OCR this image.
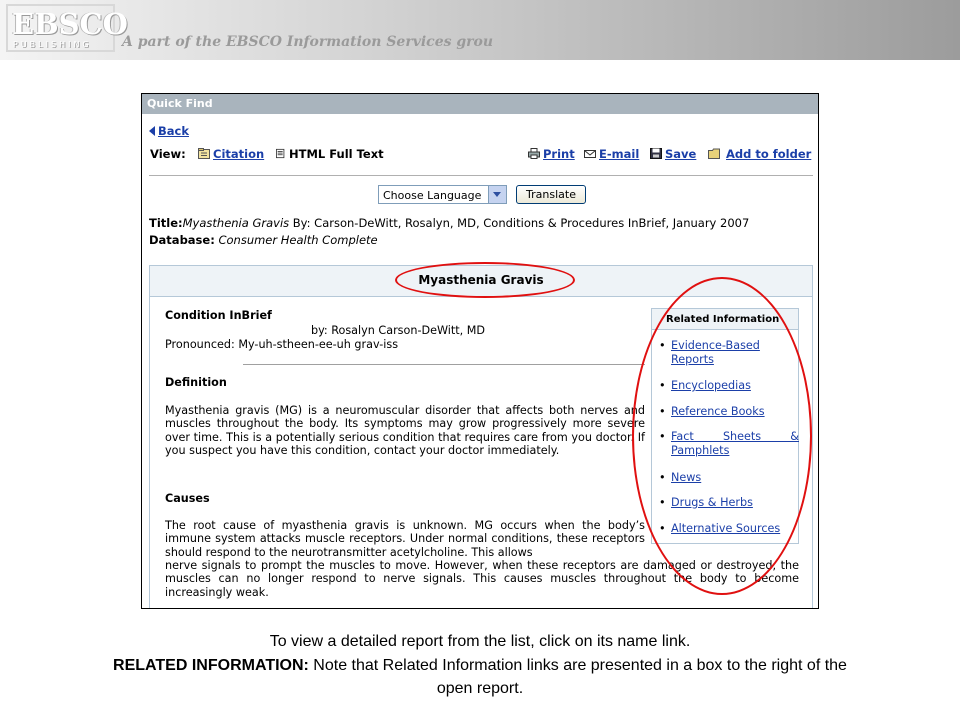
EBSCO
PUBLISHING A part of the EBSCO Information Services grou
Quick Find
Back
View:	Citation	HTML Full Text	Print	E-mail	Save	Add to folder
Choose Language	Translate
Title:Myasthenia Gravis By: Carson-DeWitt, Rosalyn, MD, Conditions & Procedures InBrief, January 2007
Database: Consumer Health Complete
Myasthenia Gravis
Condition InBrief
by: Rosalyn Carson-DeWitt, MD
Pronounced: My-uh-stheen-ee-uh grav-iss
Definition
Myasthenia gravis (MG) is a neuromuscular disorder that affects both nerves and muscles throughout the body. Its symptoms may grow progressively more severe over time. This is a potentially serious condition that requires care from you doctor. If you suspect you have this condition, contact your doctor immediately.
Causes
The root cause of myasthenia gravis is unknown. MG occurs when the body’s immune system attacks muscle receptors. Under normal conditions, these receptors should respond to the neurotransmitter acetylcholine. This allows
nerve signals to prompt the muscles to move. However, when these receptors are damaged or destroyed, the muscles can no longer respond to nerve signals. This causes muscles throughout the body to become increasingly weak.
Related Information
• Evidence-Based Reports
• Encyclopedias
• Reference Books
• Fact Sheets & Pamphlets
• News
• Drugs & Herbs
• Alternative Sources
To view a detailed report from the list, click on its name link.
RELATED INFORMATION: Note that Related Information links are presented in a box to the right of the
open report.
